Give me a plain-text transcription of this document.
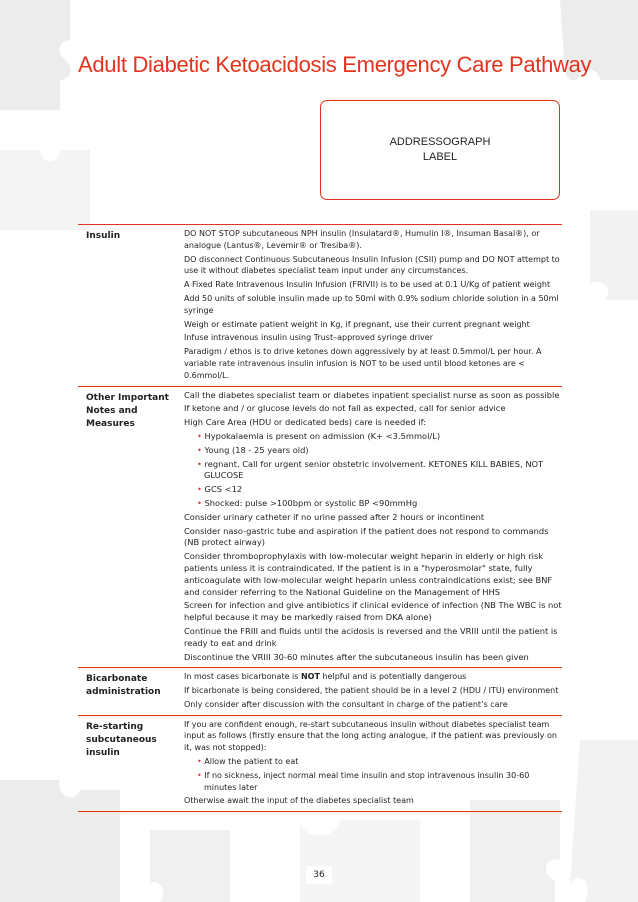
Adult Diabetic Ketoacidosis Emergency Care Pathway
ADDRESSOGRAPH
LABEL
Insulin	DO NOT STOP subcutaneous NPH insulin (Insulatard®, Humulin I®, Insuman Basal®), or analogue (Lantus®, Levemir® or Tresiba®).

DO disconnect Continuous Subcutaneous Insulin Infusion (CSII) pump and DO NOT attempt to use it without diabetes specialist team input under any circumstances.

A Fixed Rate Intravenous Insulin Infusion (FRIVII) is to be used at 0.1 U/Kg of patient weight

Add 50 units of soluble insulin made up to 50ml with 0.9% sodium chloride solution in a 50ml syringe

Weigh or estimate patient weight in Kg, if pregnant, use their current pregnant weight

Infuse intravenous insulin using Trust–approved syringe driver

Paradigm / ethos is to drive ketones down aggressively by at least 0.5mmol/L per hour. A variable rate intravenous insulin infusion is NOT to be used until blood ketones are < 0.6mmol/L.

Other Important Notes and Measures

Call the diabetes specialist team or diabetes inpatient specialist nurse as soon as possible

If ketone and / or glucose levels do not fall as expected, call for senior advice

High Care Area (HDU or dedicated beds) care is needed if:

• Hypokalaemia is present on admission (K+ <3.5mmol/L)

• Young (18 - 25 years old)

• regnant. Call for urgent senior obstetric involvement. KETONES KILL BABIES, NOT GLUCOSE

• GCS <12

• Shocked: pulse >100bpm or systolic BP <90mmHg

Consider urinary catheter if no urine passed after 2 hours or incontinent

Consider naso-gastric tube and aspiration if the patient does not respond to commands (NB protect airway)

Consider thromboprophylaxis with low-molecular weight heparin in elderly or high risk patients unless it is contraindicated. If the patient is in a "hyperosmolar" state, fully anticoagulate with low-molecular weight heparin unless contraindications exist; see BNF and consider referring to the National Guideline on the Management of HHS

Screen for infection and give antibiotics if clinical evidence of infection (NB The WBC is not helpful because it may be markedly raised from DKA alone)

Continue the FRIII and fluids until the acidosis is reversed and the VRIII until the patient is ready to eat and drink

Discontinue the VRIII 30-60 minutes after the subcutaneous insulin has been given

Bicarbonate administration

In most cases bicarbonate is NOT helpful and is potentially dangerous

If bicarbonate is being considered, the patient should be in a level 2 (HDU / ITU) environment

Only consider after discussion with the consultant in charge of the patient’s care

Re-starting subcutaneous insulin

If you are confident enough, re-start subcutaneous insulin without diabetes specialist team input as follows (firstly ensure that the long acting analogue, if the patient was previously on it, was not stopped):

• Allow the patient to eat

• If no sickness, inject normal meal time insulin and stop intravenous insulin 30-60 minutes later

Otherwise await the input of the diabetes specialist team

36
